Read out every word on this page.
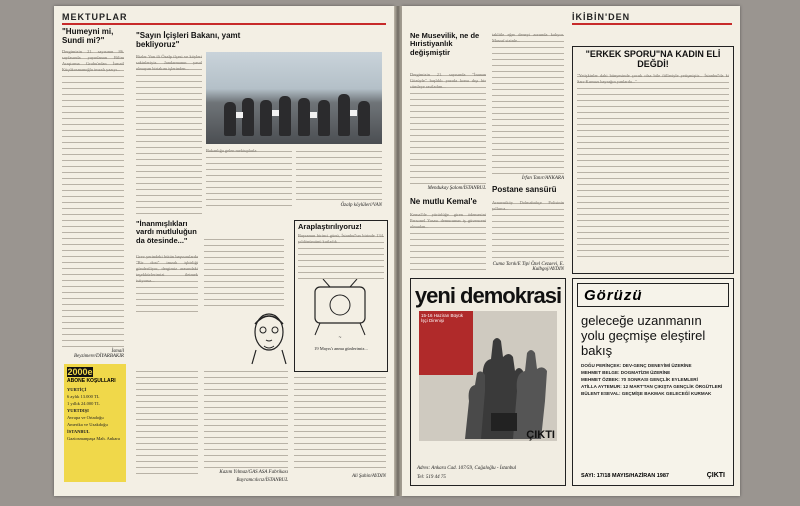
MEKTUPLAR
"Humeyni mi, Sundi mi?"
Dergimizin 21. sayısının 86. sayfasında yayınlanan Bilim Araştırma Grubu'ndan İsmail Küçükosmanoğlu imzalı yazıyı...
İsmail Beyzimere/DİYARBAKIR
2000e
ABONE KOŞULLARI
YURTİÇİ
6 aylık 13.000 TL
1 yıllık 24.000 TL
YURTDIŞI
Avrupa ve Ortadoğu
Amerika ve Uzakdoğu
İSTANBUL
Gaziosmanpaşa Mah. Ankara
"Sayın İçişleri Bakanı, yamt bekliyoruz"
Bizler Van ili Özalp ilçesi ve köyleri sakinleriyiz. Jandarmanın yasal olmayan birtakım işlerinden...
Bakanlığa gelen mektuplarla
Özalp köylüleri/VAN
"İnanmışlıkları vardı mutluluğun da ötesinde..."
Grev yerindeki bütün başvurularda "Bir dost" imzalı işbirliği gönderiliyor, dergimiz arasındaki teşekkürlerimizi iletmek istiyoruz...
Kazım Yılmaz/GAS ASA Fabrikası
Bayramcılıcız/İSTANBUL
Araplaştırılıyoruz!
Bayramın birinci günü, İstanbul'un birinde 134. yıldönümünü kutladık...
~
19 Mayıs'ı anma günlerimiz...
Ali Şahin/AYDIN
İKİBİN'DEN
Ne Musevilik, ne de Hıristiyanlık değişmiştir
Dergimizin 21. sayısında "İnanan Gözüyle" başlıklı yazıda konu dışı bir cümleye rastladım...
Mendukay Şalom/İSTANBUL
Ne mutlu Kemal'e
Kemal'de yürürlüğe giren ödemesini Personel Yasası demurunun iş güvenceni olmadan...
taklitle eğer deneyi zorunda kalıyor. Masraf sizinle...
İrfan Tanır/ANKARA
Postane sansürü
Arnavutköy Dolmabahçe Polisinin yıllarca...
Cuma Tarık/E Tipi Özel Cezaevi, E. Kulbgoj/AYDIN
"ERKEK SPORU"NA KADIN ELİ DEĞDİ!
"Yetişkinler dahi bünyesinde çocuk olsa bile fiilleriyle yetişmiştir... İstanbul'da ki Sarı-Kırmızı bayrağın yanlarda..."
yeni demokrasi
15-16 Haziran Büyük İşçi Direnişi
ÇIKTI
Adres: Ankara Cad. 107/59, Cağaloğlu - İstanbul
Tel: 519 44 75
Görüzü
geleceğe uzanmanın yolu geçmişe eleştirel bakış
DOĞU PERİNÇEK: DEV-GENÇ DENEYİMİ ÜZERİNE
MEHMET BELGE: DOGMATİZM ÜZERİNE
MEHMET ÖZBEK: 70 SONRASI GENÇLİK EYLEMLERİ
ATİLLA AYTEMUR: 12 MART'TAN ÇIKIŞTA GENÇLİK ÖRGÜTLERİ
BÜLENT ESEVAL: GEÇMİŞE BAKMAK GELECEĞİ KURMAK
SAYI: 17/18 MAYIS/HAZİRAN 1987	ÇIKTI
